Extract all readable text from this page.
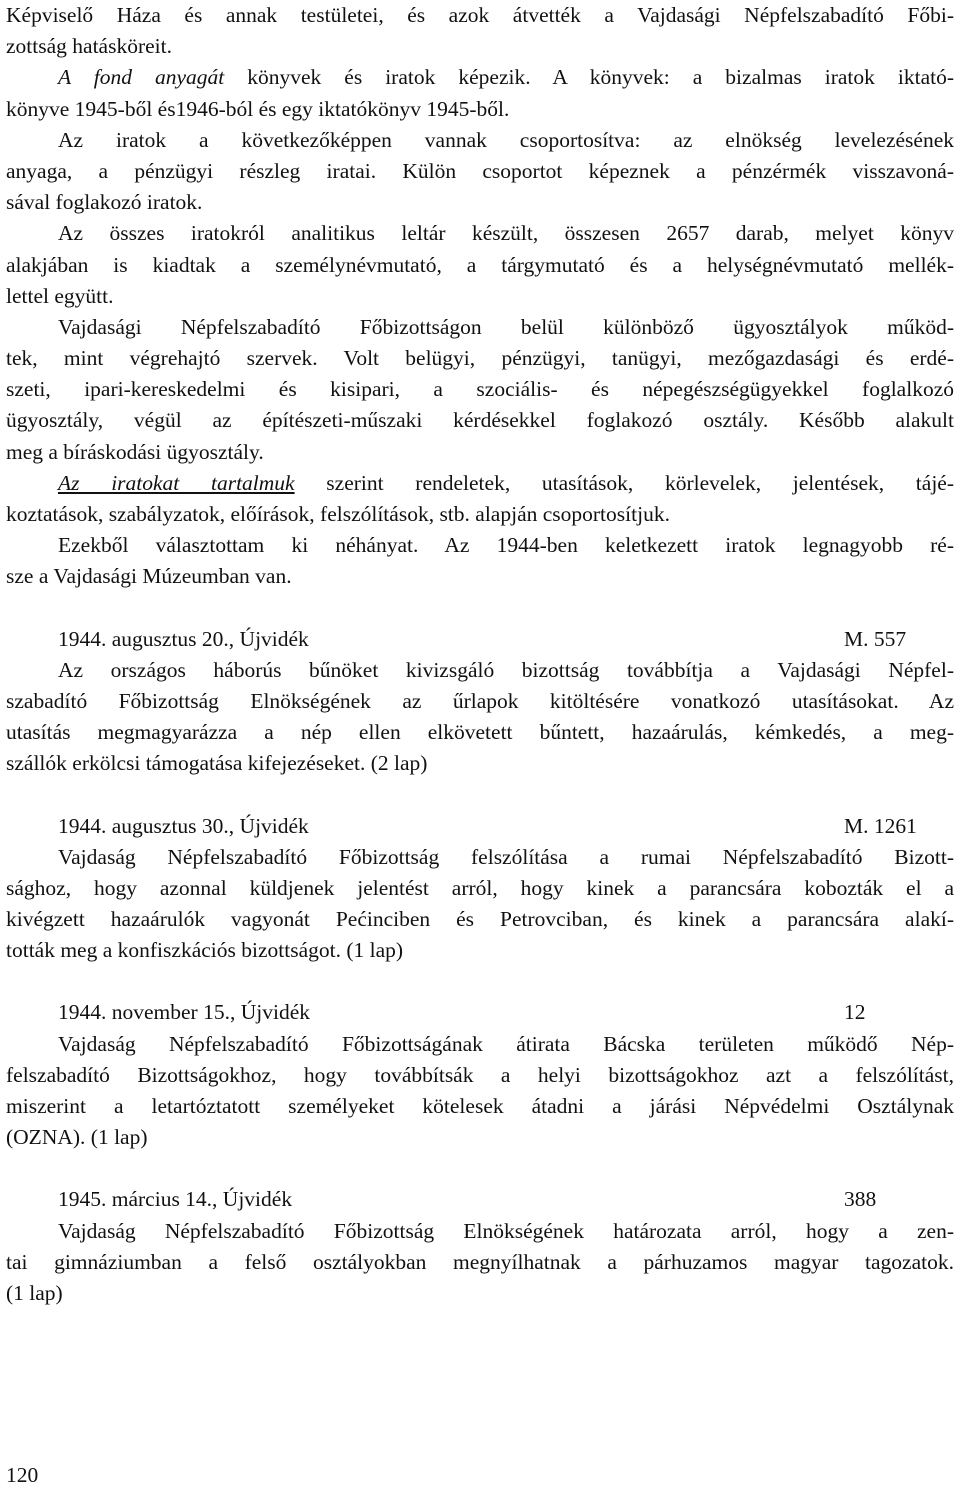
Képviselő Háza és annak testületei, és azok átvették a Vajdasági Népfelszabadító Főbi-
zottság hatásköreit.
A fond anyagát könyvek és iratok képezik. A könyvek: a bizalmas iratok iktató-
könyve 1945-ből és1946-ból és egy iktatókönyv 1945-ből.
Az iratok a következőképpen vannak csoportosítva: az elnökség levelezésének
anyaga, a pénzügyi részleg iratai. Külön csoportot képeznek a pénzérmék visszavoná-
sával foglakozó iratok.
Az összes iratokról analitikus leltár készült, összesen 2657 darab, melyet könyv
alakjában is kiadtak a személynévmutató, a tárgymutató és a helységnévmutató mellék-
lettel együtt.
Vajdasági Népfelszabadító Főbizottságon belül különböző ügyosztályok működ-
tek, mint végrehajtó szervek. Volt belügyi, pénzügyi, tanügyi, mezőgazdasági és erdé-
szeti, ipari-kereskedelmi és kisipari, a szociális- és népegészségügyekkel foglalkozó
ügyosztály, végül az építészeti-műszaki kérdésekkel foglakozó osztály. Később alakult
meg a bíráskodási ügyosztály.
Az iratokat tartalmuk szerint rendeletek, utasítások, körlevelek, jelentések, tájé-
koztatások, szabályzatok, előírások, felszólítások, stb. alapján csoportosítjuk.
Ezekből választottam ki néhányat. Az 1944-ben keletkezett iratok legnagyobb ré-
sze a Vajdasági Múzeumban van.
1944. augusztus 20., Újvidék	M. 557
Az országos háborús bűnöket kivizsgáló bizottság továbbítja a Vajdasági Népfel-
szabadító Főbizottság Elnökségének az űrlapok kitöltésére vonatkozó utasításokat. Az
utasítás megmagyarázza a nép ellen elkövetett bűntett, hazaárulás, kémkedés, a meg-
szállók erkölcsi támogatása kifejezéseket. (2 lap)
1944. augusztus 30., Újvidék	M. 1261
Vajdaság Népfelszabadító Főbizottság felszólítása a rumai Népfelszabadító Bizott-
sághoz, hogy azonnal küldjenek jelentést arról, hogy kinek a parancsára kobozták el a
kivégzett hazaárulók vagyonát Pećinciben és Petrovciban, és kinek a parancsára alakí-
tották meg a konfiszkációs bizottságot. (1 lap)
1944. november 15., Újvidék	12
Vajdaság Népfelszabadító Főbizottságának átirata Bácska területen működő Nép-
felszabadító Bizottságokhoz, hogy továbbítsák a helyi bizottságokhoz azt a felszólítást,
miszerint a letartóztatott személyeket kötelesek átadni a járási Népvédelmi Osztálynak
(OZNA). (1 lap)
1945. március 14., Újvidék	388
Vajdaság Népfelszabadító Főbizottság Elnökségének határozata arról, hogy a zen-
tai gimnáziumban a felső osztályokban megnyílhatnak a párhuzamos magyar tagozatok.
(1 lap)
120
